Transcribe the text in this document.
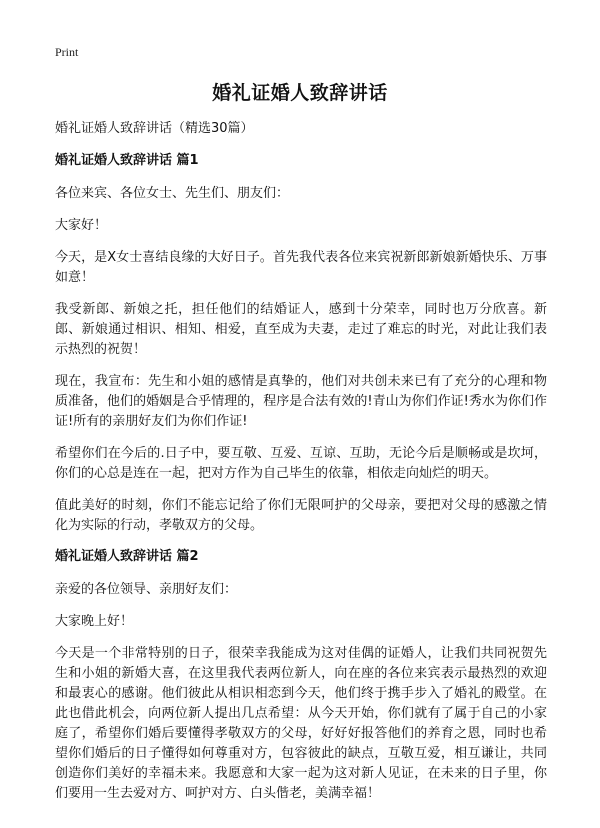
Print
婚礼证婚人致辞讲话

婚礼证婚人致辞讲话（精选30篇）

婚礼证婚人致辞讲话 篇1

各位来宾、各位女士、先生们、朋友们：

大家好！

今天，是X女士喜结良缘的大好日子。首先我代表各位来宾祝新郎新娘新婚快乐、万事如意！

我受新郎、新娘之托，担任他们的结婚证人，感到十分荣幸，同时也万分欣喜。新郎、新娘通过相识、相知、相爱，直至成为夫妻，走过了难忘的时光，对此让我们表示热烈的祝贺！

现在，我宣布：先生和小姐的感情是真挚的，他们对共创未来已有了充分的心理和物质准备，他们的婚姻是合乎情理的，程序是合法有效的!青山为你们作证!秀水为你们作证!所有的亲朋好友们为你们作证!

希望你们在今后的.日子中，要互敬、互爱、互谅、互助，无论今后是顺畅或是坎坷，你们的心总是连在一起，把对方作为自己毕生的依靠，相依走向灿烂的明天。

值此美好的时刻，你们不能忘记给了你们无限呵护的父母亲，要把对父母的感激之情化为实际的行动，孝敬双方的父母。

婚礼证婚人致辞讲话 篇2

亲爱的各位领导、亲朋好友们：

大家晚上好！

今天是一个非常特别的日子，很荣幸我能成为这对佳偶的证婚人，让我们共同祝贺先生和小姐的新婚大喜，在这里我代表两位新人，向在座的各位来宾表示最热烈的欢迎和最衷心的感谢。他们彼此从相识相恋到今天，他们终于携手步入了婚礼的殿堂。在此也借此机会，向两位新人提出几点希望：从今天开始，你们就有了属于自己的小家庭了，希望你们婚后要懂得孝敬双方的父母，好好好报答他们的养育之恩，同时也希望你们婚后的日子懂得如何尊重对方，包容彼此的缺点，互敬互爱，相互谦让，共同创造你们美好的幸福未来。我愿意和大家一起为这对新人见证，在未来的日子里，你们要用一生去爱对方、呵护对方、白头偕老，美满幸福！
